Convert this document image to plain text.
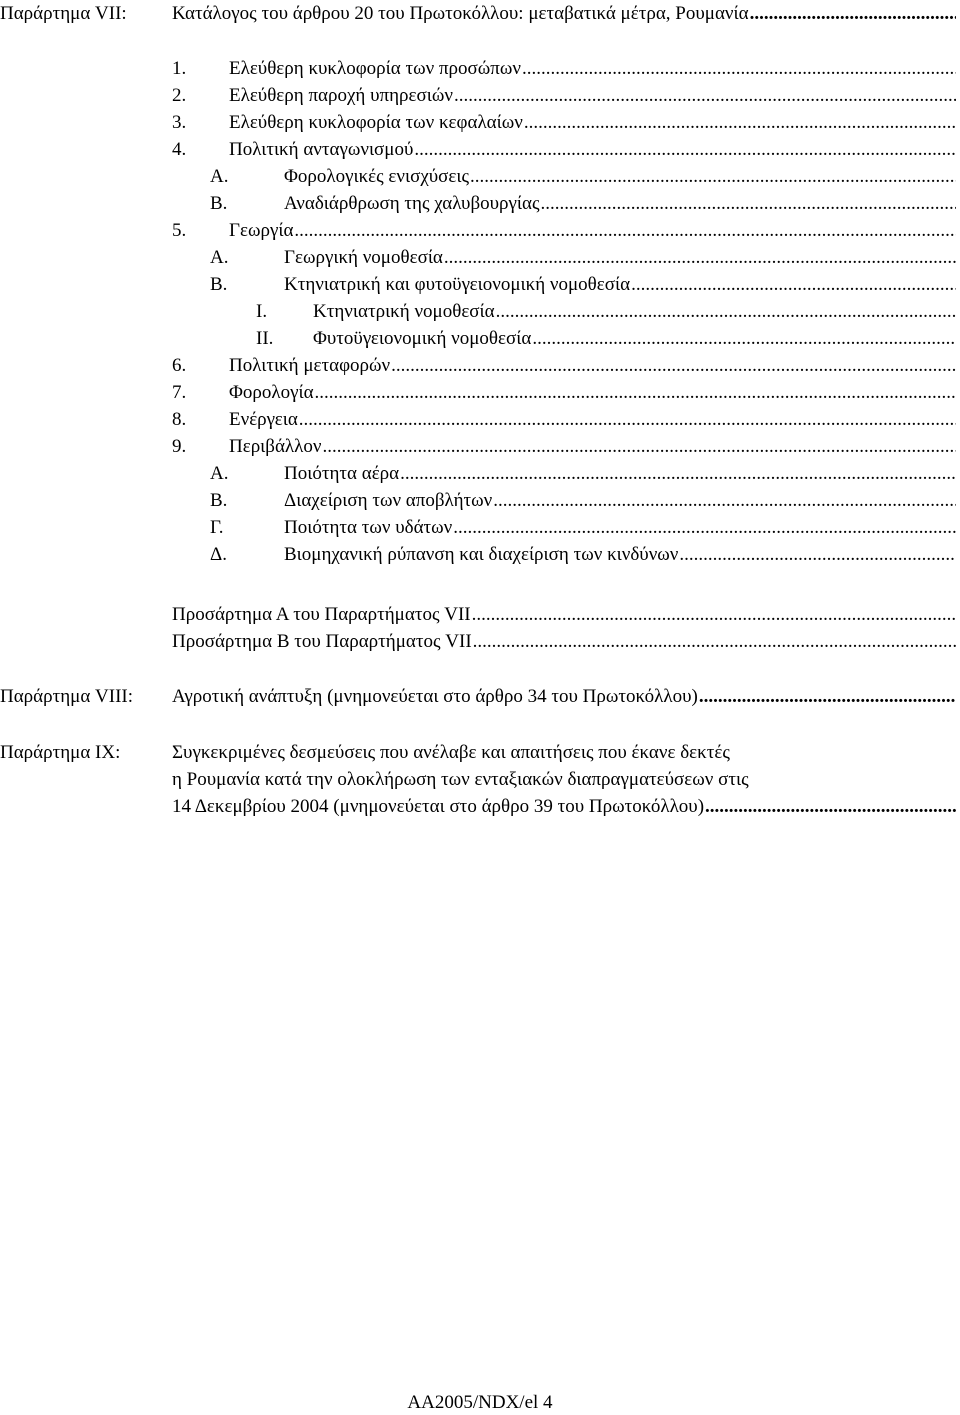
Παράρτημα VII: Κατάλογος του άρθρου 20 του Πρωτοκόλλου: μεταβατικά μέτρα, Ρουμανία
.....
1. Ελεύθερη κυκλοφορία των προσώπων
.....
2. Ελεύθερη παροχή υπηρεσιών
.....
3. Ελεύθερη κυκλοφορία των κεφαλαίων
.....
4. Πολιτική ανταγωνισμού
.....
Α.	Φορολογικές ενισχύσεις
.....
Β.	Αναδιάρθρωση της χαλυβουργίας
.....
5. Γεωργία
.....
Α.	Γεωργική νομοθεσία
.....
Β.	Κτηνιατρική και φυτοϋγειονομική νομοθεσία
.....
Ι. Κτηνιατρική νομοθεσία
.....
ΙΙ. Φυτοϋγειονομική νομοθεσία
.....
6. Πολιτική μεταφορών
.....
7. Φορολογία
.....
8. Ενέργεια
.....
9. Περιβάλλον
.....
Α.	Ποιότητα αέρα
.....
Β.	Διαχείριση των αποβλήτων
.....
Γ.	Ποιότητα των υδάτων
.....
Δ.	Βιομηχανική ρύπανση και διαχείριση των κινδύνων
.....
Προσάρτημα Α του Παραρτήματος VII
.....
Προσάρτημα Β του Παραρτήματος VII
.....
Παράρτημα VIII: Αγροτική ανάπτυξη (μνημονεύεται στο άρθρο 34 του Πρωτοκόλλου)
.....
Παράρτημα IX:	Συγκεκριμένες δεσμεύσεις που ανέλαβε και απαιτήσεις που έκανε δεκτές
η Ρουμανία κατά την ολοκλήρωση των ενταξιακών διαπραγματεύσεων στις
14 Δεκεμβρίου 2004 (μνημονεύεται στο άρθρο 39 του Πρωτοκόλλου)
.....
AA2005/NDX/el 4
